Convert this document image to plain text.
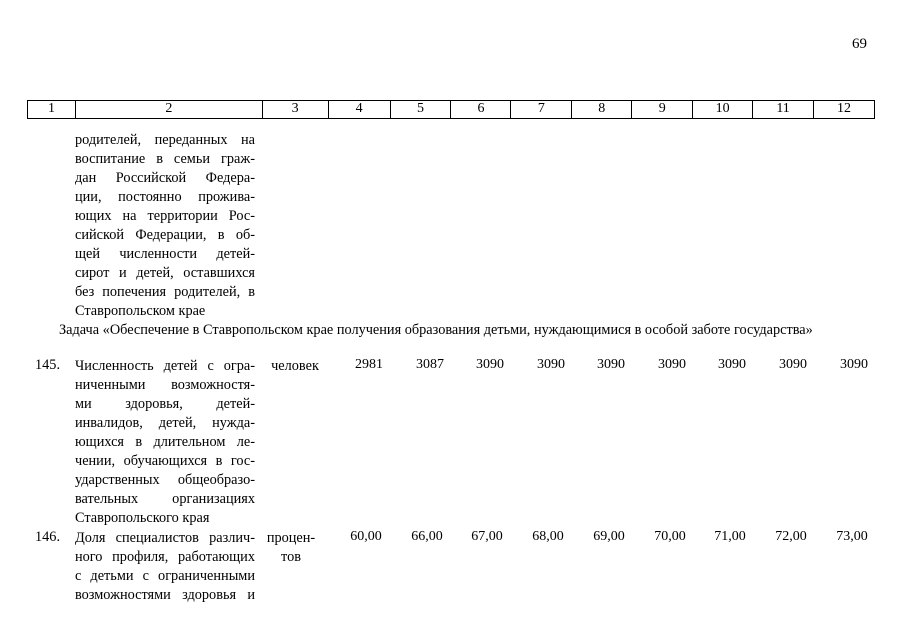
69
1	2	3	4	5	6	7	8	9	10	11	12
родителей, переданных на
воспитание в семьи граж-
дан Российской Федера-
ции, постоянно прожива-
ющих на территории Рос-
сийской Федерации, в об-
щей численности детей-
сирот и детей, оставшихся
без попечения родителей, в
Ставропольском крае
Задача «Обеспечение в Ставропольском крае получения образования детьми, нуждающимися в особой заботе государства»
145. Численность детей с огра-
ниченными возможностя-
ми здоровья, детей-
инвалидов, детей, нужда-
ющихся в длительном ле-
чении, обучающихся в гос-
ударственных общеобразо-
вательных организациях
Ставропольского края
человек	2981	3087	3090	3090	3090	3090	3090	3090	3090
146. Доля специалистов различ-
ного профиля, работающих
с детьми с ограниченными
возможностями здоровья и
процен-
тов
60,00	66,00	67,00	68,00	69,00	70,00	71,00	72,00	73,00
